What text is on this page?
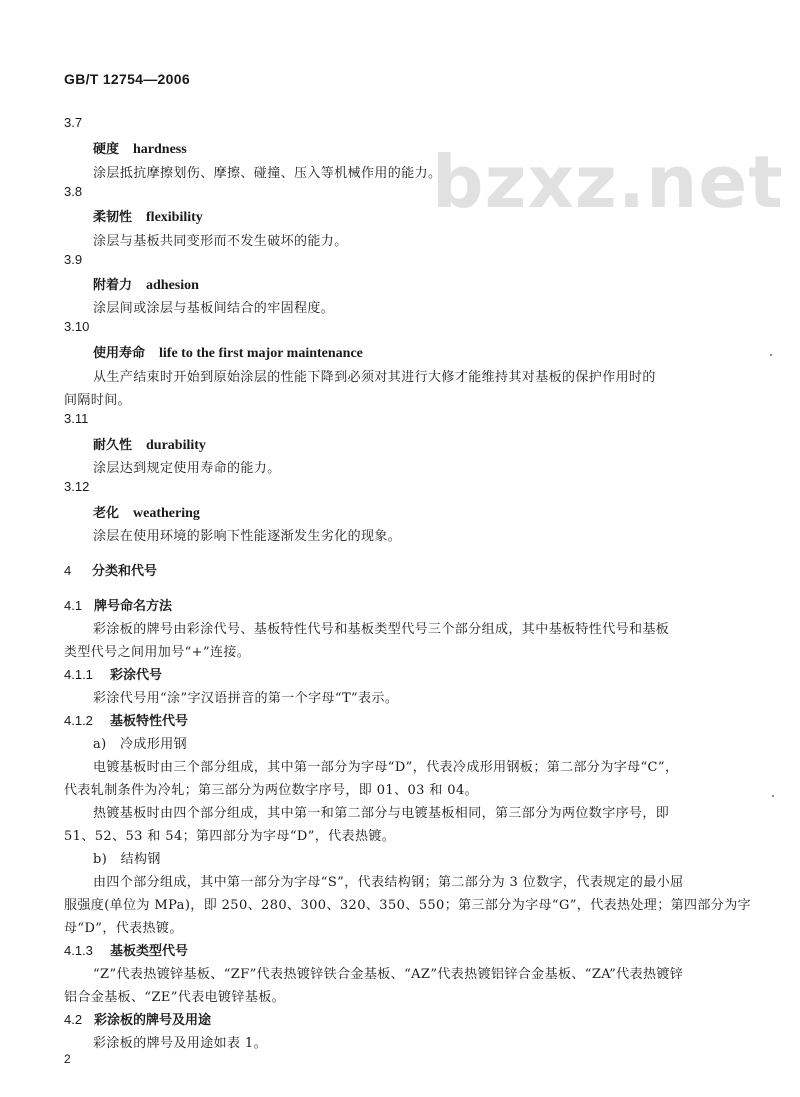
GB/T 12754—2006
bzxz.net
3.7
硬度 hardness
涂层抵抗摩擦划伤、摩擦、碰撞、压入等机械作用的能力。
3.8
柔韧性 flexibility
涂层与基板共同变形而不发生破坏的能力。
3.9
附着力 adhesion
涂层间或涂层与基板间结合的牢固程度。
3.10
使用寿命 life to the first major maintenance
从生产结束时开始到原始涂层的性能下降到必须对其进行大修才能维持其对基板的保护作用时的
间隔时间。
3.11
耐久性 durability
涂层达到规定使用寿命的能力。
3.12
老化 weathering
涂层在使用环境的影响下性能逐渐发生劣化的现象。
4 分类和代号
4.1 牌号命名方法
彩涂板的牌号由彩涂代号、基板特性代号和基板类型代号三个部分组成，其中基板特性代号和基板
类型代号之间用加号“+”连接。
4.1.1 彩涂代号
彩涂代号用“涂”字汉语拼音的第一个字母“T”表示。
4.1.2 基板特性代号
a)　冷成形用钢
电镀基板时由三个部分组成，其中第一部分为字母“D”，代表冷成形用钢板；第二部分为字母“C”，
代表轧制条件为冷轧；第三部分为两位数字序号，即 01、03 和 04。
热镀基板时由四个部分组成，其中第一和第二部分与电镀基板相同，第三部分为两位数字序号，即
51、52、53 和 54；第四部分为字母“D”，代表热镀。
b)　结构钢
由四个部分组成，其中第一部分为字母“S”，代表结构钢；第二部分为 3 位数字，代表规定的最小屈
服强度(单位为 MPa)，即 250、280、300、320、350、550；第三部分为字母“G”，代表热处理；第四部分为字
母“D”，代表热镀。
4.1.3 基板类型代号
“Z”代表热镀锌基板、“ZF”代表热镀锌铁合金基板、“AZ”代表热镀铝锌合金基板、“ZA”代表热镀锌
铝合金基板、“ZE”代表电镀锌基板。
4.2 彩涂板的牌号及用途
彩涂板的牌号及用途如表 1。
2
